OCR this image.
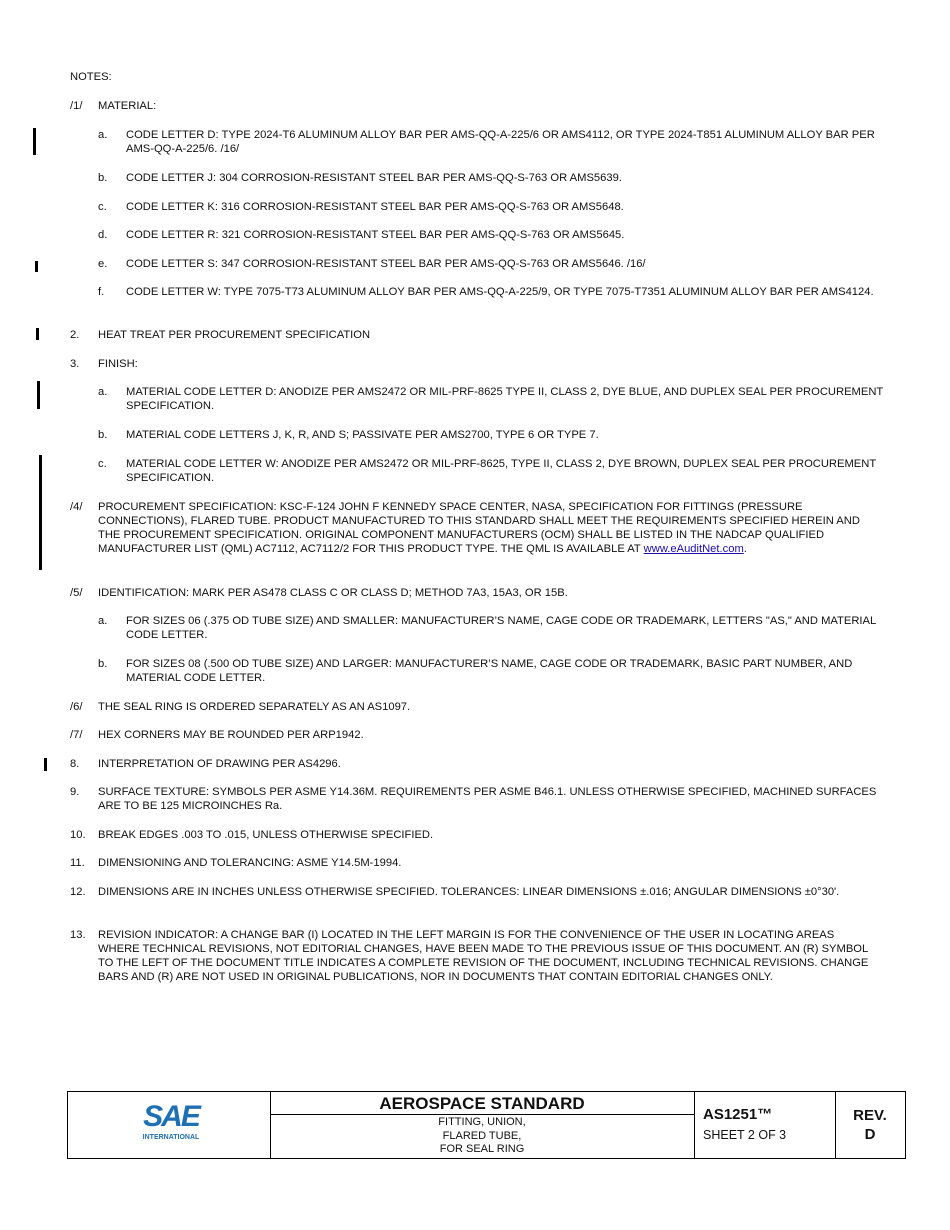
NOTES:
/1/ MATERIAL:
a. CODE LETTER D: TYPE 2024-T6 ALUMINUM ALLOY BAR PER AMS-QQ-A-225/6 OR AMS4112, OR TYPE 2024-T851 ALUMINUM ALLOY BAR PER AMS-QQ-A-225/6. /16/
b. CODE LETTER J: 304 CORROSION-RESISTANT STEEL BAR PER AMS-QQ-S-763 OR AMS5639.
c. CODE LETTER K: 316 CORROSION-RESISTANT STEEL BAR PER AMS-QQ-S-763 OR AMS5648.
d. CODE LETTER R: 321 CORROSION-RESISTANT STEEL BAR PER AMS-QQ-S-763 OR AMS5645.
e. CODE LETTER S: 347 CORROSION-RESISTANT STEEL BAR PER AMS-QQ-S-763 OR AMS5646. /16/
f. CODE LETTER W: TYPE 7075-T73 ALUMINUM ALLOY BAR PER AMS-QQ-A-225/9, OR TYPE 7075-T7351 ALUMINUM ALLOY BAR PER AMS4124.
2. HEAT TREAT PER PROCUREMENT SPECIFICATION
3. FINISH:
a. MATERIAL CODE LETTER D: ANODIZE PER AMS2472 OR MIL-PRF-8625 TYPE II, CLASS 2, DYE BLUE, AND DUPLEX SEAL PER PROCUREMENT SPECIFICATION.
b. MATERIAL CODE LETTERS J, K, R, AND S; PASSIVATE PER AMS2700, TYPE 6 OR TYPE 7.
c. MATERIAL CODE LETTER W: ANODIZE PER AMS2472 OR MIL-PRF-8625, TYPE II, CLASS 2, DYE BROWN, DUPLEX SEAL PER PROCUREMENT SPECIFICATION.
/4/ PROCUREMENT SPECIFICATION: KSC-F-124 JOHN F KENNEDY SPACE CENTER, NASA, SPECIFICATION FOR FITTINGS (PRESSURE CONNECTIONS), FLARED TUBE. PRODUCT MANUFACTURED TO THIS STANDARD SHALL MEET THE REQUIREMENTS SPECIFIED HEREIN AND THE PROCUREMENT SPECIFICATION. ORIGINAL COMPONENT MANUFACTURERS (OCM) SHALL BE LISTED IN THE NADCAP QUALIFIED MANUFACTURER LIST (QML) AC7112, AC7112/2 FOR THIS PRODUCT TYPE. THE QML IS AVAILABLE AT www.eAuditNet.com.
/5/ IDENTIFICATION: MARK PER AS478 CLASS C OR CLASS D; METHOD 7A3, 15A3, OR 15B.
a. FOR SIZES 06 (.375 OD TUBE SIZE) AND SMALLER: MANUFACTURER’S NAME, CAGE CODE OR TRADEMARK, LETTERS "AS," AND MATERIAL CODE LETTER.
b. FOR SIZES 08 (.500 OD TUBE SIZE) AND LARGER: MANUFACTURER’S NAME, CAGE CODE OR TRADEMARK, BASIC PART NUMBER, AND MATERIAL CODE LETTER.
/6/ THE SEAL RING IS ORDERED SEPARATELY AS AN AS1097.
/7/ HEX CORNERS MAY BE ROUNDED PER ARP1942.
8. INTERPRETATION OF DRAWING PER AS4296.
9. SURFACE TEXTURE: SYMBOLS PER ASME Y14.36M. REQUIREMENTS PER ASME B46.1. UNLESS OTHERWISE SPECIFIED, MACHINED SURFACES ARE TO BE 125 MICROINCHES Ra.
10. BREAK EDGES .003 TO .015, UNLESS OTHERWISE SPECIFIED.
11. DIMENSIONING AND TOLERANCING: ASME Y14.5M-1994.
12. DIMENSIONS ARE IN INCHES UNLESS OTHERWISE SPECIFIED. TOLERANCES: LINEAR DIMENSIONS ±.016; ANGULAR DIMENSIONS ±0°30'.
13. REVISION INDICATOR: A CHANGE BAR (I) LOCATED IN THE LEFT MARGIN IS FOR THE CONVENIENCE OF THE USER IN LOCATING AREAS WHERE TECHNICAL REVISIONS, NOT EDITORIAL CHANGES, HAVE BEEN MADE TO THE PREVIOUS ISSUE OF THIS DOCUMENT. AN (R) SYMBOL TO THE LEFT OF THE DOCUMENT TITLE INDICATES A COMPLETE REVISION OF THE DOCUMENT, INCLUDING TECHNICAL REVISIONS. CHANGE BARS AND (R) ARE NOT USED IN ORIGINAL PUBLICATIONS, NOR IN DOCUMENTS THAT CONTAIN EDITORIAL CHANGES ONLY.
SAE
INTERNATIONAL
AEROSPACE STANDARD
FITTING, UNION,
FLARED TUBE,
FOR SEAL RING
AS1251™
SHEET 2 OF 3
REV.
D
